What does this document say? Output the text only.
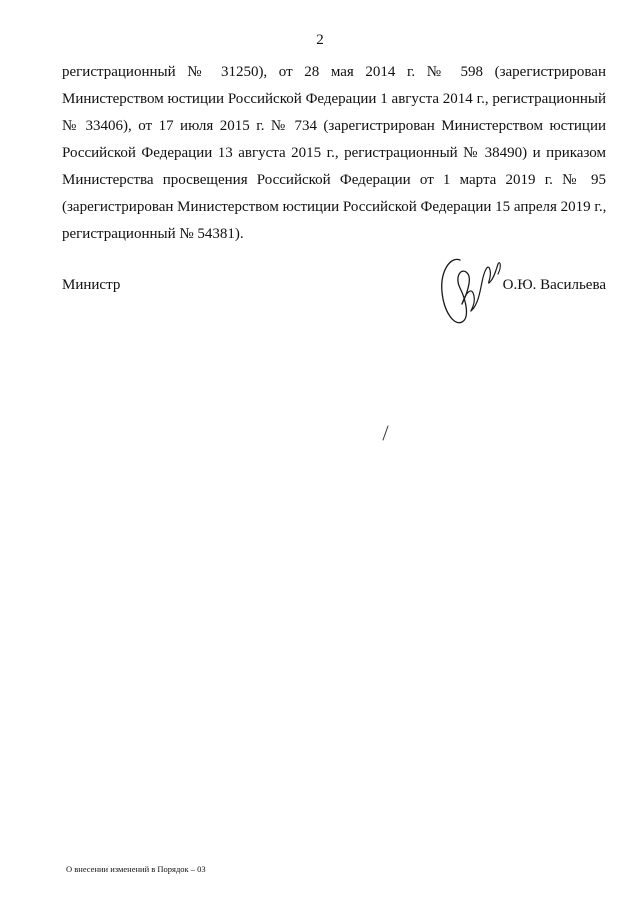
2
регистрационный № 31250), от 28 мая 2014 г. № 598 (зарегистрирован
Министерством юстиции Российской Федерации 1 августа 2014 г., регистрационный
№ 33406), от 17 июля 2015 г. № 734 (зарегистрирован Министерством юстиции
Российской Федерации 13 августа 2015 г., регистрационный № 38490) и приказом
Министерства просвещения Российской Федерации от 1 марта 2019 г. № 95
(зарегистрирован Министерством юстиции Российской Федерации 15 апреля 2019 г.,
регистрационный № 54381).
Министр	О.Ю. Васильева
О внесении изменений в Порядок – 03
